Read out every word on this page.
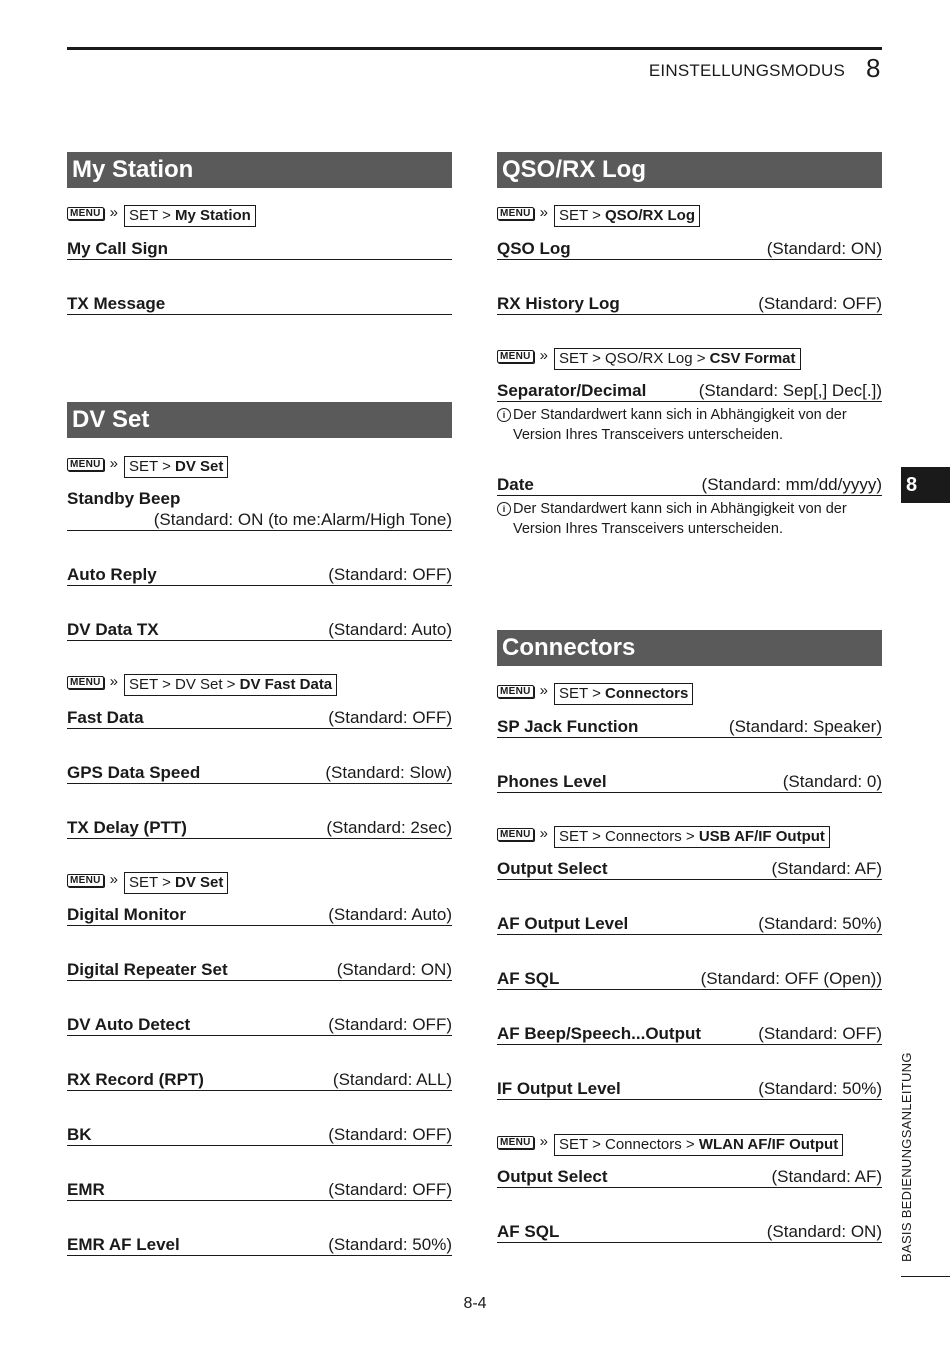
EINSTELLUNGSMODUS 8
My Station
MENU » SET > My Station
My Call Sign
TX Message
DV Set
MENU » SET > DV Set
Standby Beep
(Standard: ON (to me:Alarm/High Tone)
Auto Reply	(Standard: OFF)
DV Data TX	(Standard: Auto)
MENU » SET > DV Set > DV Fast Data
Fast Data	(Standard: OFF)
GPS Data Speed	(Standard: Slow)
TX Delay (PTT)	(Standard: 2sec)
MENU » SET > DV Set
Digital Monitor	(Standard: Auto)
Digital Repeater Set	(Standard: ON)
DV Auto Detect	(Standard: OFF)
RX Record (RPT)	(Standard: ALL)
BK	(Standard: OFF)
EMR	(Standard: OFF)
EMR AF Level	(Standard: 50%)
QSO/RX Log
MENU » SET > QSO/RX Log
QSO Log	(Standard: ON)
RX History Log	(Standard: OFF)
MENU » SET > QSO/RX Log > CSV Format
Separator/Decimal	(Standard: Sep[,] Dec[.])
i Der Standardwert kann sich in Abhängigkeit von der
Version Ihres Transceivers unterscheiden.
Date	(Standard: mm/dd/yyyy)
i Der Standardwert kann sich in Abhängigkeit von der
Version Ihres Transceivers unterscheiden.
Connectors
MENU » SET > Connectors
SP Jack Function	(Standard: Speaker)
Phones Level	(Standard: 0)
MENU » SET > Connectors > USB AF/IF Output
Output Select	(Standard: AF)
AF Output Level	(Standard: 50%)
AF SQL	(Standard: OFF (Open))
AF Beep/Speech...Output	(Standard: OFF)
IF Output Level	(Standard: 50%)
MENU » SET > Connectors > WLAN AF/IF Output
Output Select	(Standard: AF)
AF SQL	(Standard: ON)
8
BASIS BEDIENUNGSANLEITUNG
8-4
